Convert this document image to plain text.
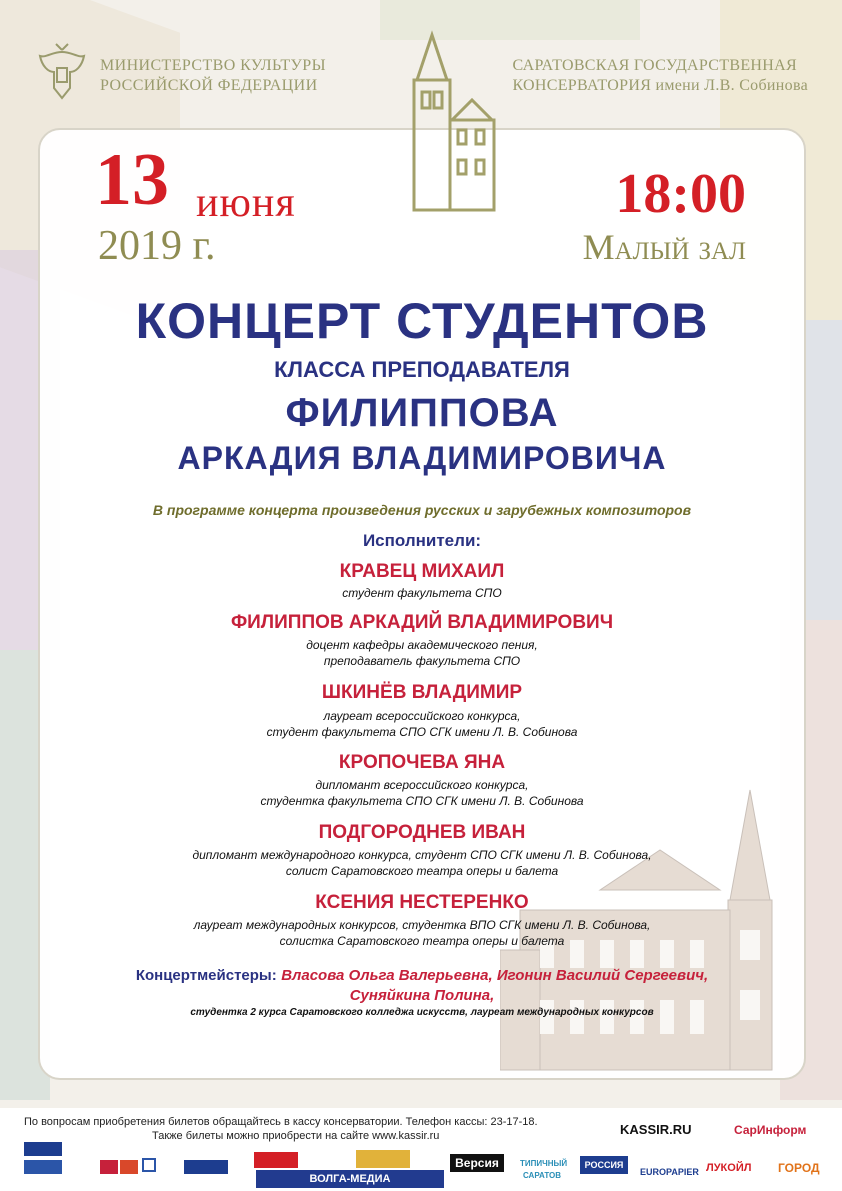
МИНИСТЕРСТВО КУЛЬТУРЫ
РОССИЙСКОЙ ФЕДЕРАЦИИ
САРАТОВСКАЯ ГОСУДАРСТВЕННАЯ
КОНСЕРВАТОРИЯ имени Л.В. Собинова
13 июня
2019 г.
18:00
Малый зал
КОНЦЕРТ СТУДЕНТОВ
КЛАССА ПРЕПОДАВАТЕЛЯ
ФИЛИППОВА
АРКАДИЯ ВЛАДИМИРОВИЧА
В программе концерта произведения русских и зарубежных композиторов
Исполнители:
КРАВЕЦ МИХАИЛ
студент факультета СПО
ФИЛИППОВ АРКАДИЙ ВЛАДИМИРОВИЧ
доцент кафедры академического пения,
преподаватель факультета СПО
ШКИНЁВ ВЛАДИМИР
лауреат всероссийского конкурса,
студент факультета СПО СГК имени Л. В. Собинова
КРОПОЧЕВА ЯНА
дипломант всероссийского конкурса,
студентка факультета СПО СГК имени Л. В. Собинова
ПОДГОРОДНЕВ ИВАН
дипломант международного конкурса, студент СПО СГК имени Л. В. Собинова,
солист Саратовского театра оперы и балета
КСЕНИЯ НЕСТЕРЕНКО
лауреат международных конкурсов, студентка ВПО СГК имени Л. В. Собинова,
солистка Саратовского театра оперы и балета
Концертмейстеры: Власова Ольга Валерьевна, Игонин Василий Сергеевич,
Суняйкина Полина,
студентка 2 курса Саратовского колледжа искусств, лауреат международных конкурсов
По вопросам приобретения билетов обращайтесь в кассу консерватории. Телефон кассы: 23-17-18.
Также билеты можно приобрести на сайте www.kassir.ru	KASSIR.RU	СарИнформ
ВОЛГА-МЕДИА
Версия	ТИПИЧНЫЙ САРАТОВ
РОССИЯ
EUROPAPIER ЛУКОЙЛ ГОРОД
